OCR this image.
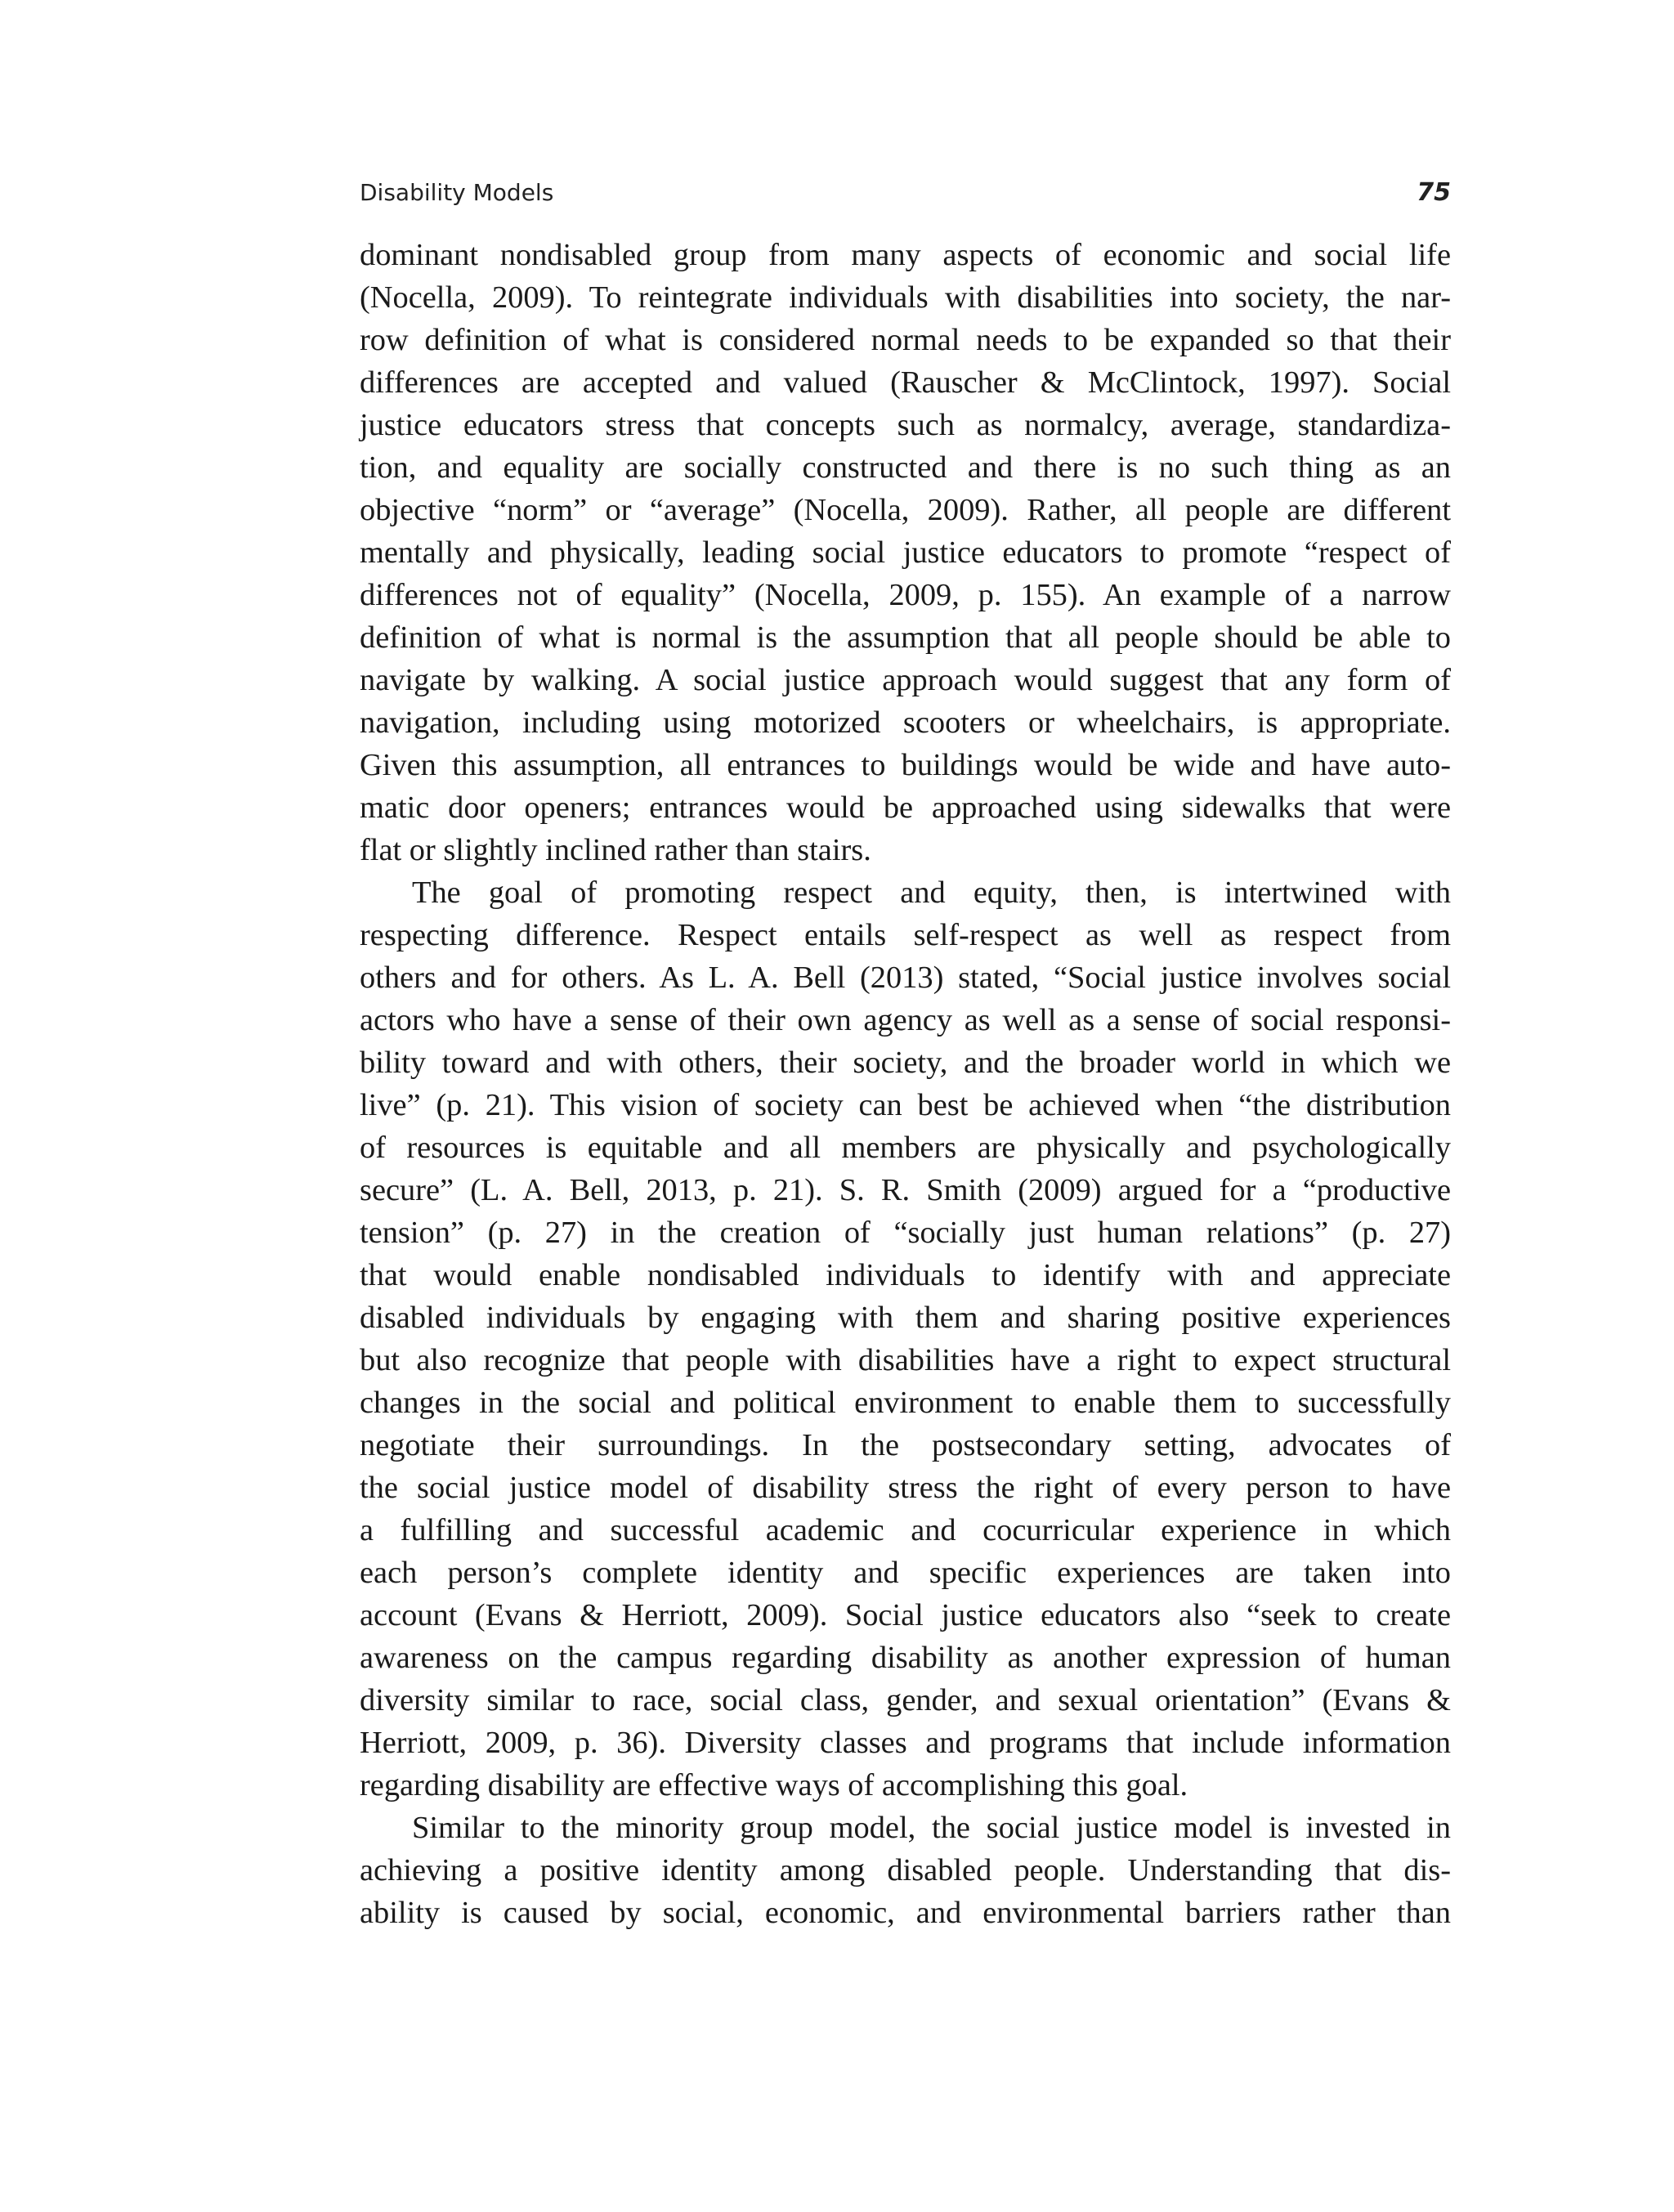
Disability Models	75
dominant nondisabled group from many aspects of economic and social life
(Nocella, 2009). To reintegrate individuals with disabilities into society, the nar-
row definition of what is considered normal needs to be expanded so that their
differences are accepted and valued (Rauscher & McClintock, 1997). Social
justice educators stress that concepts such as normalcy, average, standardiza-
tion, and equality are socially constructed and there is no such thing as an
objective “norm” or “average” (Nocella, 2009). Rather, all people are different
mentally and physically, leading social justice educators to promote “respect of
differences not of equality” (Nocella, 2009, p. 155). An example of a narrow
definition of what is normal is the assumption that all people should be able to
navigate by walking. A social justice approach would suggest that any form of
navigation, including using motorized scooters or wheelchairs, is appropriate.
Given this assumption, all entrances to buildings would be wide and have auto-
matic door openers; entrances would be approached using sidewalks that were
flat or slightly inclined rather than stairs.
The goal of promoting respect and equity, then, is intertwined with
respecting difference. Respect entails self-respect as well as respect from
others and for others. As L. A. Bell (2013) stated, “Social justice involves social
actors who have a sense of their own agency as well as a sense of social responsi-
bility toward and with others, their society, and the broader world in which we
live” (p. 21). This vision of society can best be achieved when “the distribution
of resources is equitable and all members are physically and psychologically
secure” (L. A. Bell, 2013, p. 21). S. R. Smith (2009) argued for a “productive
tension” (p. 27) in the creation of “socially just human relations” (p. 27)
that would enable nondisabled individuals to identify with and appreciate
disabled individuals by engaging with them and sharing positive experiences
but also recognize that people with disabilities have a right to expect structural
changes in the social and political environment to enable them to successfully
negotiate their surroundings. In the postsecondary setting, advocates of
the social justice model of disability stress the right of every person to have
a fulfilling and successful academic and cocurricular experience in which
each person’s complete identity and specific experiences are taken into
account (Evans & Herriott, 2009). Social justice educators also “seek to create
awareness on the campus regarding disability as another expression of human
diversity similar to race, social class, gender, and sexual orientation” (Evans &
Herriott, 2009, p. 36). Diversity classes and programs that include information
regarding disability are effective ways of accomplishing this goal.
Similar to the minority group model, the social justice model is invested in
achieving a positive identity among disabled people. Understanding that dis-
ability is caused by social, economic, and environmental barriers rather than
